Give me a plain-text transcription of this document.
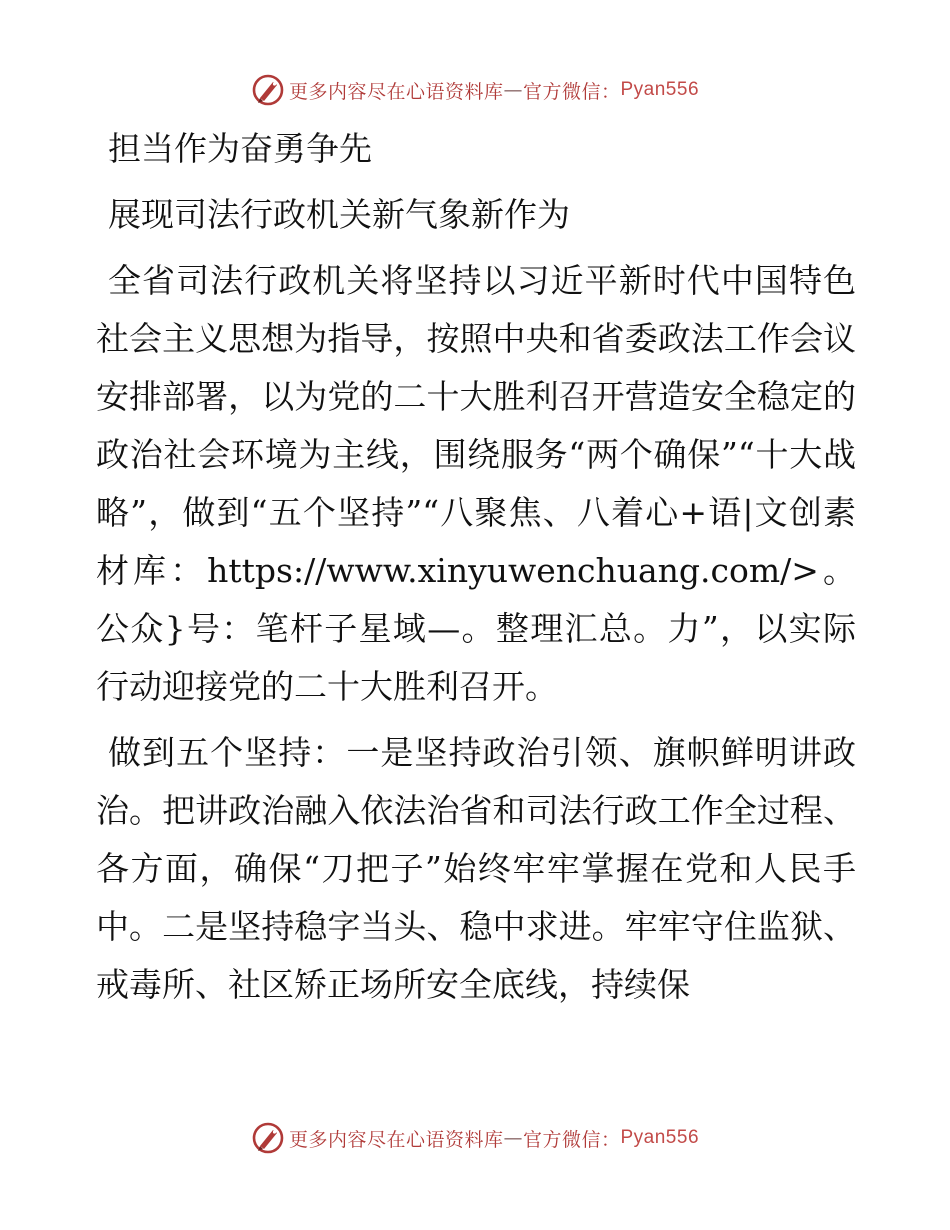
更多内容尽在心语资料库 — 官方微信： Pyan556

担当作为奋勇争先

展现司法行政机关新气象新作为

全省司法行政机关将坚持以习近平新时代中国特色社会主义思想为指导，按照中央和省委政法工作会议安排部署，以为党的二十大胜利召开营造安全稳定的政治社会环境为主线，围绕服务“两个确保”“十大战略”，做到“五个坚持”“八聚焦、八着心+语|文创素材库：https://www.xinyuwenchuang.com/>。公众}号：笔杆子星域—。整理汇总。力”，以实际行动迎接党的二十大胜利召开。

做到五个坚持：一是坚持政治引领、旗帜鲜明讲政治。把讲政治融入依法治省和司法行政工作全过程、各方面，确保“刀把子”始终牢牢掌握在党和人民手中。二是坚持稳字当头、稳中求进。牢牢守住监狱、戒毒所、社区矫正场所安全底线，持续保

更多内容尽在心语资料库 — 官方微信： Pyan556
